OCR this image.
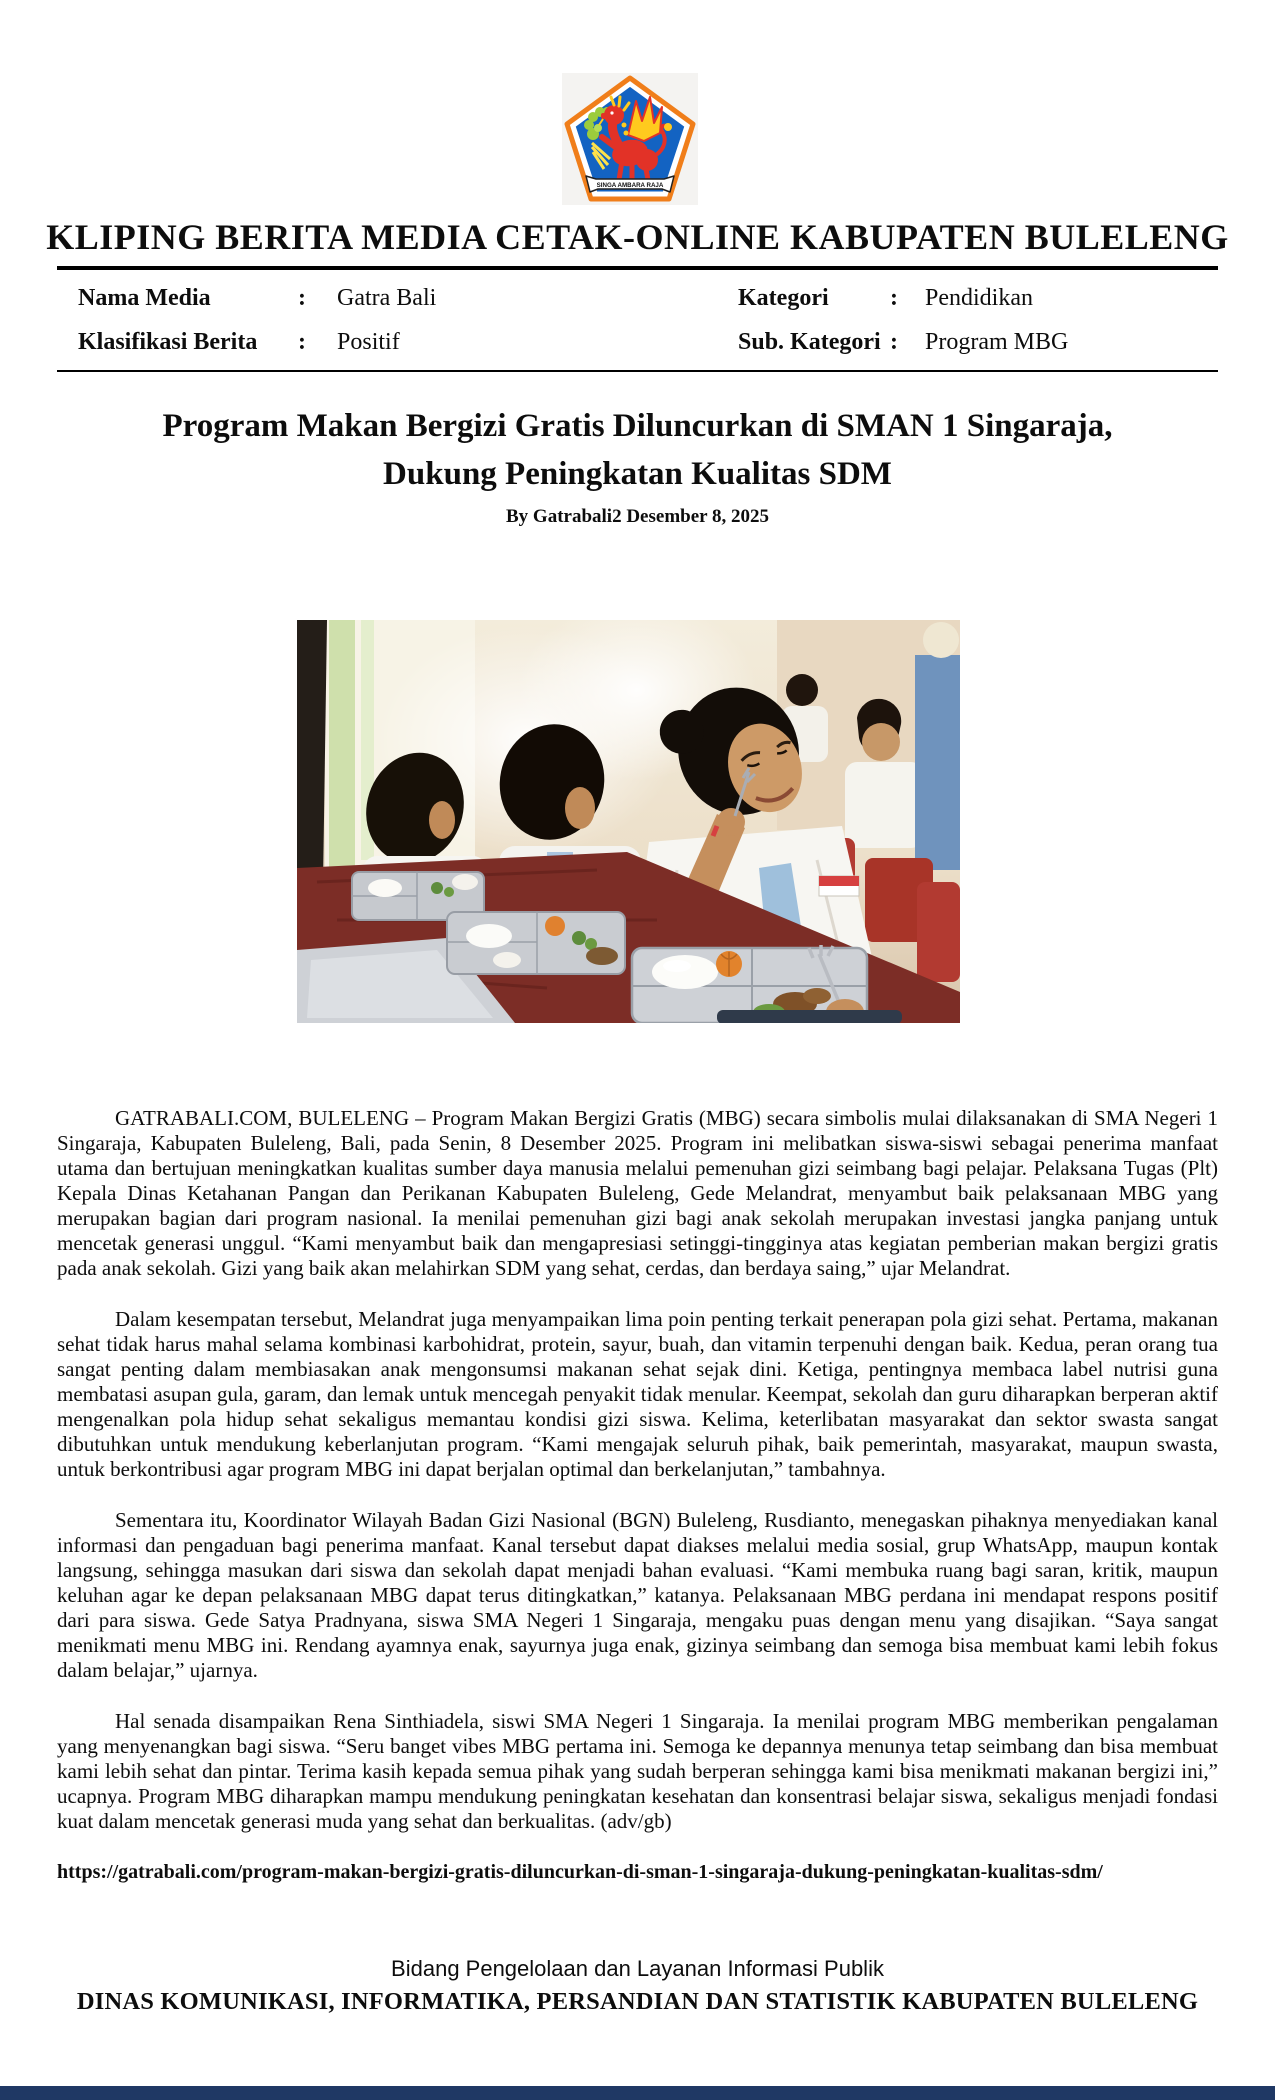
SINGA AMBARA RAJA
KLIPING BERITA MEDIA CETAK-ONLINE KABUPATEN BULELENG
Nama Media	: Gatra Bali	Kategori	: Pendidikan
Klasifikasi Berita : Positif	Sub. Kategori : Program MBG
Program Makan Bergizi Gratis Diluncurkan di SMAN 1 Singaraja,
Dukung Peningkatan Kualitas SDM
By Gatrabali2 Desember 8, 2025

GATRABALI.COM, BULELENG – Program Makan Bergizi Gratis (MBG) secara simbolis mulai dilaksanakan di SMA Negeri 1 Singaraja, Kabupaten Buleleng, Bali, pada Senin, 8 Desember 2025. Program ini melibatkan siswa-siswi sebagai penerima manfaat utama dan bertujuan meningkatkan kualitas sumber daya manusia melalui pemenuhan gizi seimbang bagi pelajar. Pelaksana Tugas (Plt) Kepala Dinas Ketahanan Pangan dan Perikanan Kabupaten Buleleng, Gede Melandrat, menyambut baik pelaksanaan MBG yang merupakan bagian dari program nasional. Ia menilai pemenuhan gizi bagi anak sekolah merupakan investasi jangka panjang untuk mencetak generasi unggul. “Kami menyambut baik dan mengapresiasi setinggi-tingginya atas kegiatan pemberian makan bergizi gratis pada anak sekolah. Gizi yang baik akan melahirkan SDM yang sehat, cerdas, dan berdaya saing,” ujar Melandrat.

Dalam kesempatan tersebut, Melandrat juga menyampaikan lima poin penting terkait penerapan pola gizi sehat. Pertama, makanan sehat tidak harus mahal selama kombinasi karbohidrat, protein, sayur, buah, dan vitamin terpenuhi dengan baik. Kedua, peran orang tua sangat penting dalam membiasakan anak mengonsumsi makanan sehat sejak dini. Ketiga, pentingnya membaca label nutrisi guna membatasi asupan gula, garam, dan lemak untuk mencegah penyakit tidak menular. Keempat, sekolah dan guru diharapkan berperan aktif mengenalkan pola hidup sehat sekaligus memantau kondisi gizi siswa. Kelima, keterlibatan masyarakat dan sektor swasta sangat dibutuhkan untuk mendukung keberlanjutan program. “Kami mengajak seluruh pihak, baik pemerintah, masyarakat, maupun swasta, untuk berkontribusi agar program MBG ini dapat berjalan optimal dan berkelanjutan,” tambahnya.

Sementara itu, Koordinator Wilayah Badan Gizi Nasional (BGN) Buleleng, Rusdianto, menegaskan pihaknya menyediakan kanal informasi dan pengaduan bagi penerima manfaat. Kanal tersebut dapat diakses melalui media sosial, grup WhatsApp, maupun kontak langsung, sehingga masukan dari siswa dan sekolah dapat menjadi bahan evaluasi. “Kami membuka ruang bagi saran, kritik, maupun keluhan agar ke depan pelaksanaan MBG dapat terus ditingkatkan,” katanya. Pelaksanaan MBG perdana ini mendapat respons positif dari para siswa. Gede Satya Pradnyana, siswa SMA Negeri 1 Singaraja, mengaku puas dengan menu yang disajikan. “Saya sangat menikmati menu MBG ini. Rendang ayamnya enak, sayurnya juga enak, gizinya seimbang dan semoga bisa membuat kami lebih fokus dalam belajar,” ujarnya.

Hal senada disampaikan Rena Sinthiadela, siswi SMA Negeri 1 Singaraja. Ia menilai program MBG memberikan pengalaman yang menyenangkan bagi siswa. “Seru banget vibes MBG pertama ini. Semoga ke depannya menunya tetap seimbang dan bisa membuat kami lebih sehat dan pintar. Terima kasih kepada semua pihak yang sudah berperan sehingga kami bisa menikmati makanan bergizi ini,” ucapnya. Program MBG diharapkan mampu mendukung peningkatan kesehatan dan konsentrasi belajar siswa, sekaligus menjadi fondasi kuat dalam mencetak generasi muda yang sehat dan berkualitas. (adv/gb)

https://gatrabali.com/program-makan-bergizi-gratis-diluncurkan-di-sman-1-singaraja-dukung-peningkatan-kualitas-sdm/

Bidang Pengelolaan dan Layanan Informasi Publik
DINAS KOMUNIKASI, INFORMATIKA, PERSANDIAN DAN STATISTIK KABUPATEN BULELENG
